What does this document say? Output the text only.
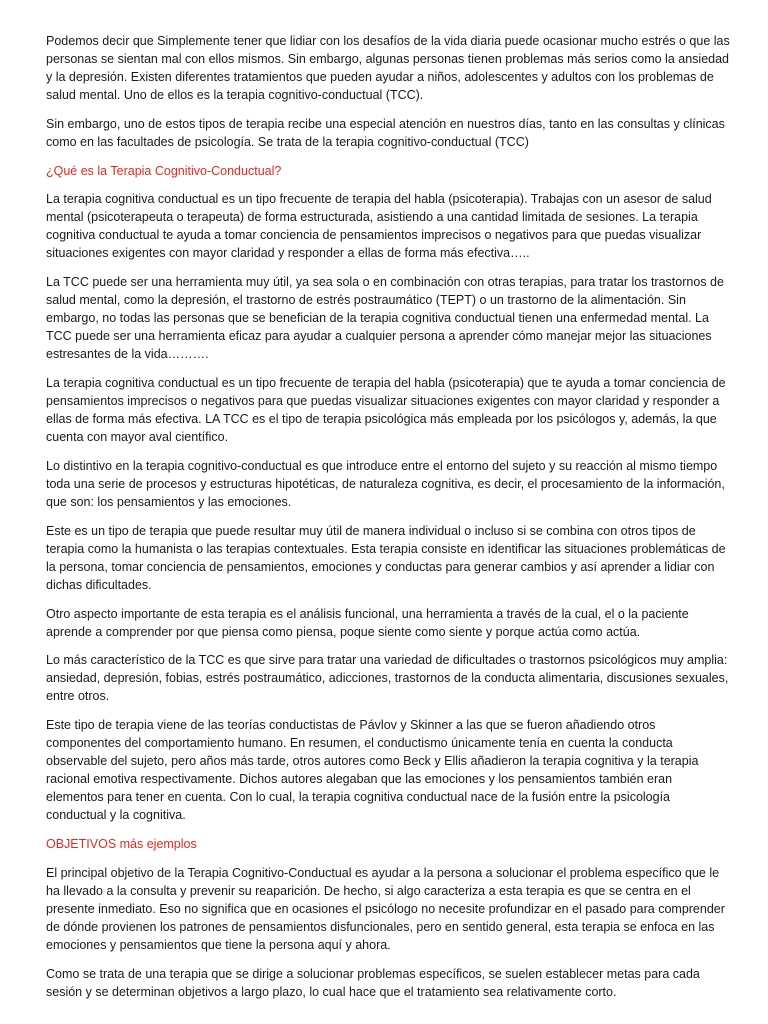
Podemos decir que Simplemente tener que lidiar con los desafíos de la vida diaria puede ocasionar mucho estrés o que las personas se sientan mal con ellos mismos. Sin embargo, algunas personas tienen problemas más serios como la ansiedad y la depresión. Existen diferentes tratamientos que pueden ayudar a niños, adolescentes y adultos con los problemas de salud mental. Uno de ellos es la terapia cognitivo-conductual (TCC).

Sin embargo, uno de estos tipos de terapia recibe una especial atención en nuestros días, tanto en las consultas y clínicas como en las facultades de psicología. Se trata de la terapia cognitivo-conductual (TCC)

¿Qué es la Terapia Cognitivo-Conductual?

La terapia cognitiva conductual es un tipo frecuente de terapia del habla (psicoterapia). Trabajas con un asesor de salud mental (psicoterapeuta o terapeuta) de forma estructurada, asistiendo a una cantidad limitada de sesiones. La terapia cognitiva conductual te ayuda a tomar conciencia de pensamientos imprecisos o negativos para que puedas visualizar situaciones exigentes con mayor claridad y responder a ellas de forma más efectiva…..

La TCC puede ser una herramienta muy útil, ya sea sola o en combinación con otras terapias, para tratar los trastornos de salud mental, como la depresión, el trastorno de estrés postraumático (TEPT) o un trastorno de la alimentación. Sin embargo, no todas las personas que se benefician de la terapia cognitiva conductual tienen una enfermedad mental. La TCC puede ser una herramienta eficaz para ayudar a cualquier persona a aprender cómo manejar mejor las situaciones estresantes de la vida……….

La terapia cognitiva conductual es un tipo frecuente de terapia del habla (psicoterapia) que te ayuda a tomar conciencia de pensamientos imprecisos o negativos para que puedas visualizar situaciones exigentes con mayor claridad y responder a ellas de forma más efectiva. LA TCC es el tipo de terapia psicológica más empleada por los psicólogos y, además, la que cuenta con mayor aval científico.

Lo distintivo en la terapia cognitivo-conductual es que introduce entre el entorno del sujeto y su reacción al mismo tiempo toda una serie de procesos y estructuras hipotéticas, de naturaleza cognitiva, es decir, el procesamiento de la información, que son: los pensamientos y las emociones.

Este es un tipo de terapia que puede resultar muy útil de manera individual o incluso si se combina con otros tipos de terapia como la humanista o las terapias contextuales. Esta terapia consiste en identificar las situaciones problemáticas de la persona, tomar conciencia de pensamientos, emociones y conductas para generar cambios y así aprender a lidiar con dichas dificultades.

Otro aspecto importante de esta terapia es el análisis funcional, una herramienta a través de la cual, el o la paciente aprende a comprender por que piensa como piensa, poque siente como siente y porque actúa como actúa.

Lo más característico de la TCC es que sirve para tratar una variedad de dificultades o trastornos psicológicos muy amplia: ansiedad, depresión, fobias, estrés postraumático, adicciones, trastornos de la conducta alimentaria, discusiones sexuales, entre otros.

Este tipo de terapia viene de las teorías conductistas de Pávlov y Skinner a las que se fueron añadiendo otros componentes del comportamiento humano. En resumen, el conductismo únicamente tenía en cuenta la conducta observable del sujeto, pero años más tarde, otros autores como Beck y Ellis añadieron la terapia cognitiva y la terapia racional emotiva respectivamente. Dichos autores alegaban que las emociones y los pensamientos también eran elementos para tener en cuenta. Con lo cual, la terapia cognitiva conductual nace de la fusión entre la psicología conductual y la cognitiva.

OBJETIVOS más ejemplos

El principal objetivo de la Terapia Cognitivo-Conductual es ayudar a la persona a solucionar el problema específico que le ha llevado a la consulta y prevenir su reaparición. De hecho, si algo caracteriza a esta terapia es que se centra en el presente inmediato. Eso no significa que en ocasiones el psicólogo no necesite profundizar en el pasado para comprender de dónde provienen los patrones de pensamientos disfuncionales, pero en sentido general, esta terapia se enfoca en las emociones y pensamientos que tiene la persona aquí y ahora.

Como se trata de una terapia que se dirige a solucionar problemas específicos, se suelen establecer metas para cada sesión y se determinan objetivos a largo plazo, lo cual hace que el tratamiento sea relativamente corto.
